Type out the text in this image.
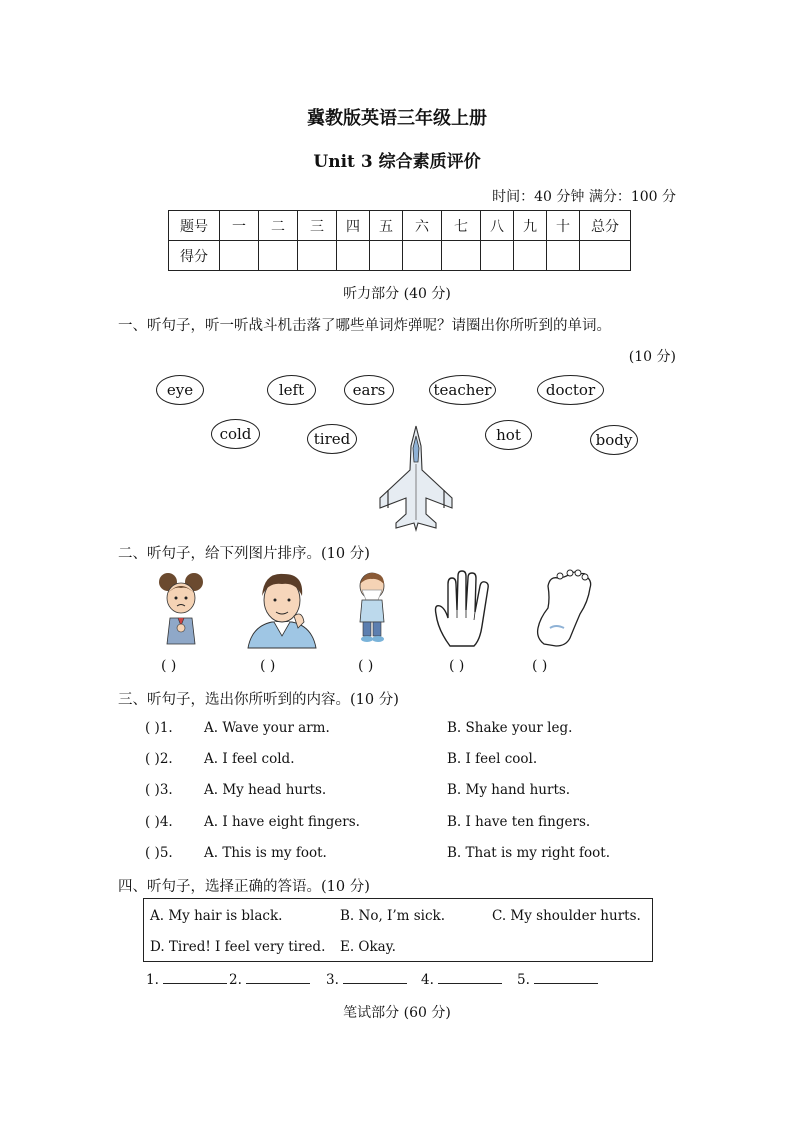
冀教版英语三年级上册
Unit 3 综合素质评价
时间：40 分钟 满分：100 分
题号	一	二	三	四	五	六	七	八	九	十	总分
得分											
听力部分 (40 分)
一、听句子，听一听战斗机击落了哪些单词炸弹呢？请圈出你所听到的单词。
(10 分)
eye	left	ears	teacher	doctor
cold	tired	hot	body
二、听句子，给下列图片排序。(10 分)
( )	( )	( )	( )	( )
三、听句子，选出你所听到的内容。(10 分)
( )1. A. Wave your arm.	B. Shake your leg.
( )2. A. I feel cold.	B. I feel cool.
( )3. A. My head hurts.	B. My hand hurts.
( )4. A. I have eight fingers.	B. I have ten fingers.
( )5. A. This is my foot.	B. That is my right foot.
四、听句子，选择正确的答语。(10 分)
A. My hair is black.	B. No, I’m sick.	C. My shoulder hurts.
D. Tired! I feel very tired. E. Okay.
1.	2.	3.	4.	5.
笔试部分 (60 分)
